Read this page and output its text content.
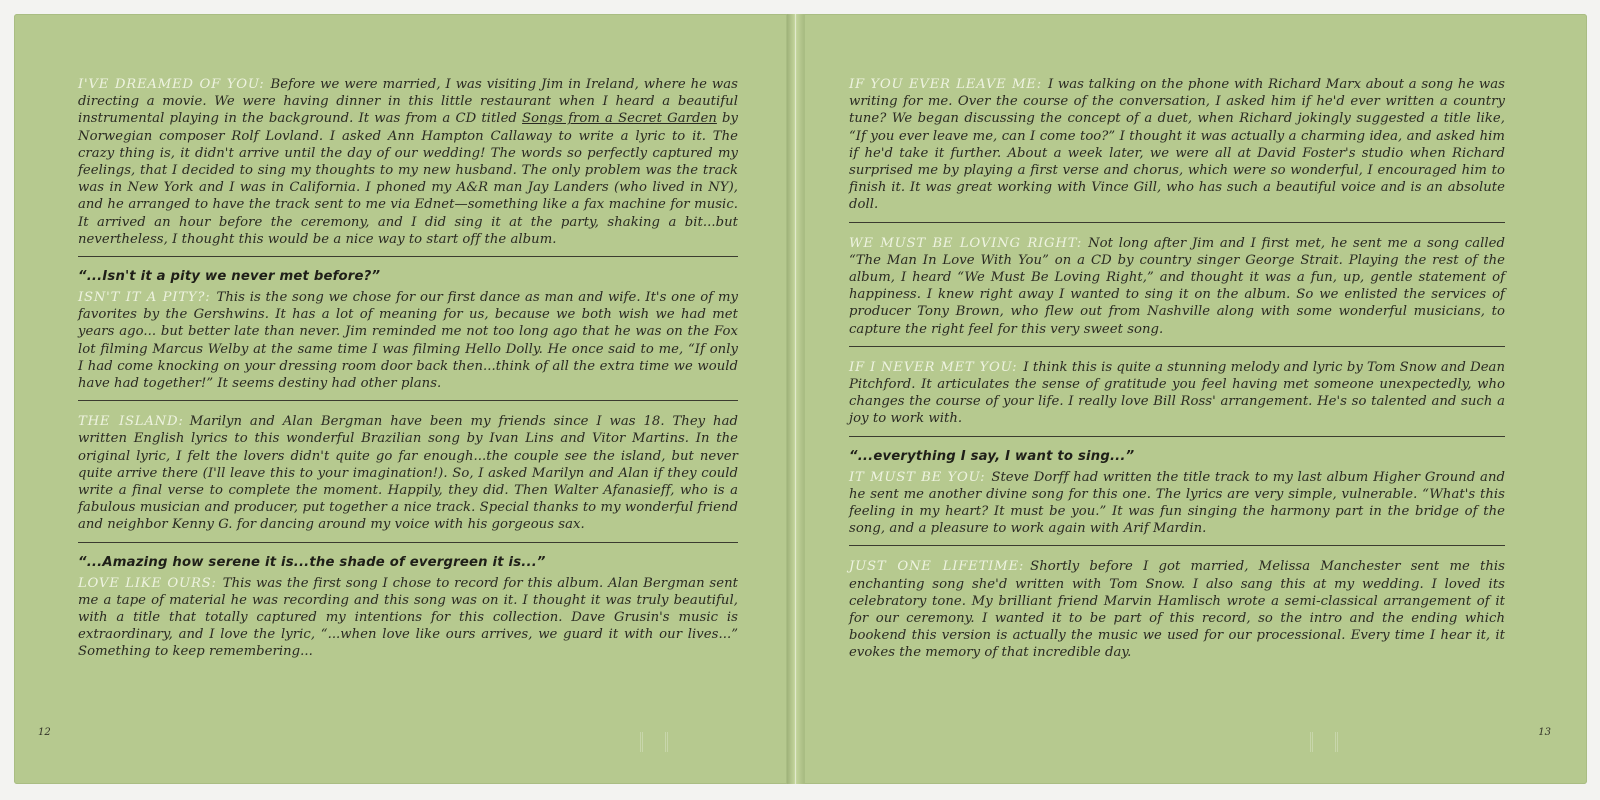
I'VE DREAMED OF YOU: Before we were married, I was visiting Jim in Ireland, where he was directing a movie. We were having dinner in this little restaurant when I heard a beautiful instrumental playing in the background. It was from a CD titled Songs from a Secret Garden by Norwegian composer Rolf Lovland. I asked Ann Hampton Callaway to write a lyric to it. The crazy thing is, it didn't arrive until the day of our wedding! The words so perfectly captured my feelings, that I decided to sing my thoughts to my new husband. The only problem was the track was in New York and I was in California. I phoned my A&R man Jay Landers (who lived in NY), and he arranged to have the track sent to me via Ednet—something like a fax machine for music. It arrived an hour before the ceremony, and I did sing it at the party, shaking a bit...but nevertheless, I thought this would be a nice way to start off the album.

“...Isn't it a pity we never met before?”

ISN'T IT A PITY?: This is the song we chose for our first dance as man and wife. It's one of my favorites by the Gershwins. It has a lot of meaning for us, because we both wish we had met years ago... but better late than never. Jim reminded me not too long ago that he was on the Fox lot filming Marcus Welby at the same time I was filming Hello Dolly. He once said to me, “If only I had come knocking on your dressing room door back then...think of all the extra time we would have had together!” It seems destiny had other plans.

THE ISLAND: Marilyn and Alan Bergman have been my friends since I was 18. They had written English lyrics to this wonderful Brazilian song by Ivan Lins and Vitor Martins. In the original lyric, I felt the lovers didn't quite go far enough...the couple see the island, but never quite arrive there (I'll leave this to your imagination!). So, I asked Marilyn and Alan if they could write a final verse to complete the moment. Happily, they did. Then Walter Afanasieff, who is a fabulous musician and producer, put together a nice track. Special thanks to my wonderful friend and neighbor Kenny G. for dancing around my voice with his gorgeous sax.

“...Amazing how serene it is...the shade of evergreen it is...”

LOVE LIKE OURS: This was the first song I chose to record for this album. Alan Bergman sent me a tape of material he was recording and this song was on it. I thought it was truly beautiful, with a title that totally captured my intentions for this collection. Dave Grusin's music is extraordinary, and I love the lyric, “...when love like ours arrives, we guard it with our lives...” Something to keep remembering...

12

IF YOU EVER LEAVE ME: I was talking on the phone with Richard Marx about a song he was writing for me. Over the course of the conversation, I asked him if he'd ever written a country tune? We began discussing the concept of a duet, when Richard jokingly suggested a title like, “If you ever leave me, can I come too?” I thought it was actually a charming idea, and asked him if he'd take it further. About a week later, we were all at David Foster's studio when Richard surprised me by playing a first verse and chorus, which were so wonderful, I encouraged him to finish it. It was great working with Vince Gill, who has such a beautiful voice and is an absolute doll.

WE MUST BE LOVING RIGHT: Not long after Jim and I first met, he sent me a song called “The Man In Love With You” on a CD by country singer George Strait. Playing the rest of the album, I heard “We Must Be Loving Right,” and thought it was a fun, up, gentle statement of happiness. I knew right away I wanted to sing it on the album. So we enlisted the services of producer Tony Brown, who flew out from Nashville along with some wonderful musicians, to capture the right feel for this very sweet song.

IF I NEVER MET YOU: I think this is quite a stunning melody and lyric by Tom Snow and Dean Pitchford. It articulates the sense of gratitude you feel having met someone unexpectedly, who changes the course of your life. I really love Bill Ross' arrangement. He's so talented and such a joy to work with.

“...everything I say, I want to sing...”

IT MUST BE YOU: Steve Dorff had written the title track to my last album Higher Ground and he sent me another divine song for this one. The lyrics are very simple, vulnerable. “What's this feeling in my heart? It must be you.” It was fun singing the harmony part in the bridge of the song, and a pleasure to work again with Arif Mardin.

JUST ONE LIFETIME: Shortly before I got married, Melissa Manchester sent me this enchanting song she'd written with Tom Snow. I also sang this at my wedding. I loved its celebratory tone. My brilliant friend Marvin Hamlisch wrote a semi-classical arrangement of it for our ceremony. I wanted it to be part of this record, so the intro and the ending which bookend this version is actually the music we used for our processional. Every time I hear it, it evokes the memory of that incredible day.

13
